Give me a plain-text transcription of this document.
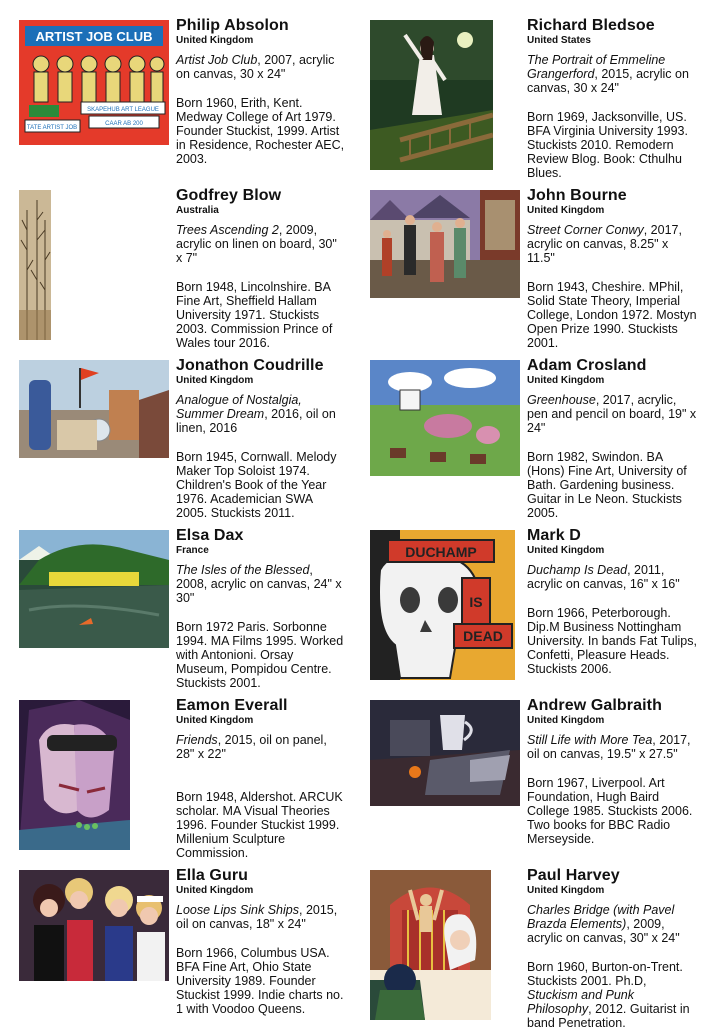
ARTIST JOB CLUB
SKAPEHUB ART LEAGUE
CAAR AB 200
TATE ARTIST JOB

Philip Absolon

United Kingdom

Artist Job Club, 2007, acrylic on canvas, 30 x 24"

Born 1960, Erith, Kent. Medway College of Art 1979. Founder Stuckist, 1999. Artist in Residence, Rochester AEC, 2003.

Richard Bledsoe

United States

The Portrait of Emmeline Grangerford, 2015, acrylic on canvas, 30 x 24"

Born 1969, Jacksonville, US. BFA Virginia University 1993. Stuckists 2010. Remodern Review Blog. Book: Cthulhu Blues.

Godfrey Blow

Australia

Trees Ascending 2, 2009, acrylic on linen on board, 30" x 7"

Born 1948, Lincolnshire. BA Fine Art, Sheffield Hallam University 1971. Stuckists 2003. Commission Prince of Wales tour 2016.

John Bourne

United Kingdom

Street Corner Conwy, 2017, acrylic on canvas, 8.25" x 11.5"

Born 1943, Cheshire. MPhil, Solid State Theory, Imperial College, London 1972. Mostyn Open Prize 1990. Stuckists 2001.

Jonathon Coudrille

United Kingdom

Analogue of Nostalgia, Summer Dream, 2016, oil on linen, 2016

Born 1945, Cornwall. Melody Maker Top Soloist 1974. Children's Book of the Year 1976. Academician SWA 2005. Stuckists 2011.

Adam Crosland

United Kingdom

Greenhouse, 2017, acrylic, pen and pencil on board, 19" x 24"

Born 1982, Swindon. BA (Hons) Fine Art, University of Bath. Gardening business. Guitar in Le Neon. Stuckists 2005.

Elsa Dax

France

The Isles of the Blessed, 2008, acrylic on canvas, 24" x 30"

Born 1972 Paris. Sorbonne 1994. MA Films 1995. Worked with Antonioni. Orsay Museum, Pompidou Centre. Stuckists 2001.

DUCHAMP
IS
DEAD

Mark D

United Kingdom

Duchamp Is Dead, 2011, acrylic on canvas, 16" x 16"

Born 1966, Peterborough. Dip.M Business Nottingham University. In bands Fat Tulips, Confetti, Pleasure Heads. Stuckists 2006.

Eamon Everall

United Kingdom

Friends, 2015, oil on panel, 28" x 22"

Born 1948, Aldershot. ARCUK scholar. MA Visual Theories 1996. Founder Stuckist 1999. Millenium Sculpture Commission.

Andrew Galbraith

United Kingdom

Still Life with More Tea, 2017, oil on canvas, 19.5" x 27.5"

Born 1967, Liverpool. Art Foundation, Hugh Baird College 1985. Stuckists 2006. Two books for BBC Radio Merseyside.

Ella Guru

United Kingdom

Loose Lips Sink Ships, 2015, oil on canvas, 18" x 24"

Born 1966, Columbus USA. BFA Fine Art, Ohio State University 1989. Founder Stuckist 1999. Indie charts no. 1 with Voodoo Queens.

Paul Harvey

United Kingdom

Charles Bridge (with Pavel Brazda Elements), 2009, acrylic on canvas, 30" x 24"

Born 1960, Burton-on-Trent. Stuckists 2001. Ph.D, Stuckism and Punk Philosophy, 2012. Guitarist in band Penetration.
